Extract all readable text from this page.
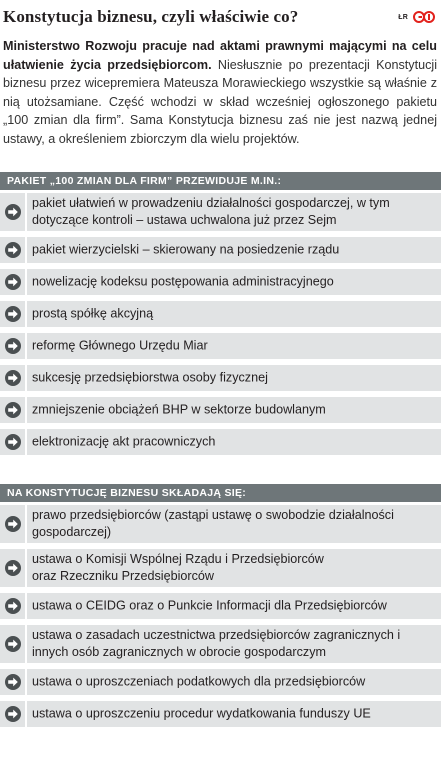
Konstytucja biznesu, czyli właściwie co?	ŁR

Ministerstwo Rozwoju pracuje nad aktami prawnymi mającymi na celu ułatwienie życia przedsiębiorcom. Niesłusznie po prezentacji Konstytucji biznesu przez wicepremiera Mateusza Morawieckiego wszystkie są właśnie z nią utożsamiane. Część wchodzi w skład wcześniej ogłoszonego pakietu „100 zmian dla firm”. Sama Konstytucja biznesu zaś nie jest nazwą jednej ustawy, a określeniem zbiorczym dla wielu projektów.

PAKIET „100 ZMIAN DLA FIRM” PRZEWIDUJE M.IN.:
pakiet ułatwień w prowadzeniu działalności gospodarczej, w tym dotyczące kontroli – ustawa uchwalona już przez Sejm
pakiet wierzycielski – skierowany na posiedzenie rządu
nowelizację kodeksu postępowania administracyjnego
prostą spółkę akcyjną
reformę Głównego Urzędu Miar
sukcesję przedsiębiorstwa osoby fizycznej
zmniejszenie obciążeń BHP w sektorze budowlanym
elektronizację akt pracowniczych
NA KONSTYTUCJĘ BIZNESU SKŁADAJĄ SIĘ:
prawo przedsiębiorców (zastąpi ustawę o swobodzie działalności gospodarczej)
ustawa o Komisji Wspólnej Rządu i Przedsiębiorców
oraz Rzeczniku Przedsiębiorców
ustawa o CEIDG oraz o Punkcie Informacji dla Przedsiębiorców
ustawa o zasadach uczestnictwa przedsiębiorców zagranicznych i innych osób zagranicznych w obrocie gospodarczym
ustawa o uproszczeniach podatkowych dla przedsiębiorców
ustawa o uproszczeniu procedur wydatkowania funduszy UE
